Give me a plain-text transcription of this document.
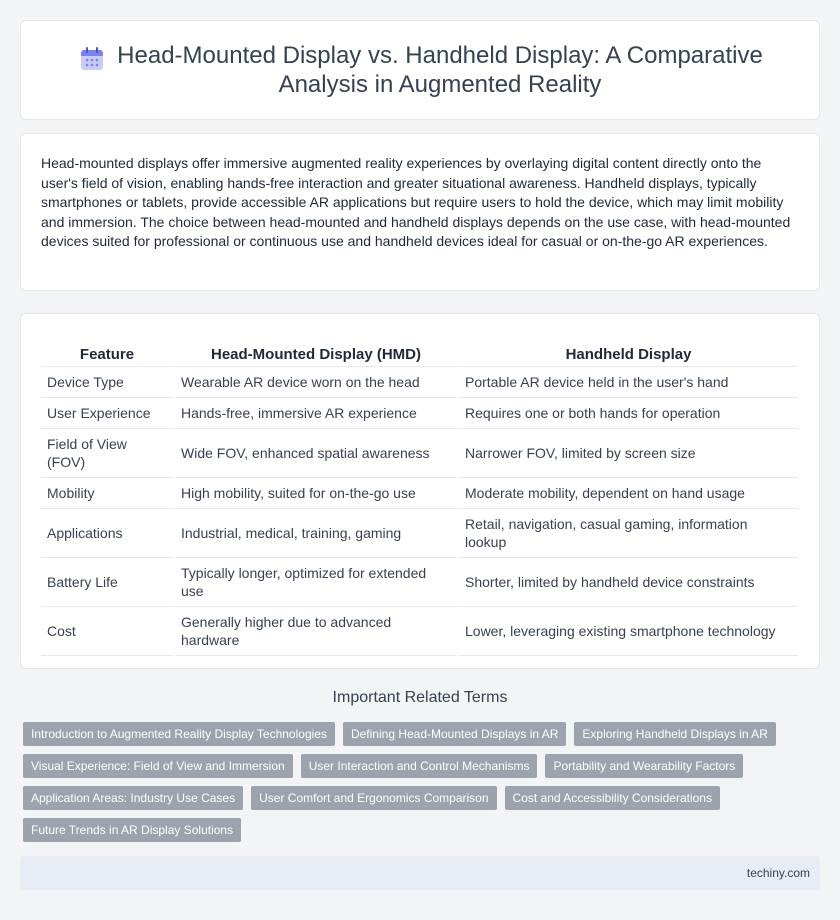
Head-Mounted Display vs. Handheld Display: A Comparative Analysis in Augmented Reality

Head-mounted displays offer immersive augmented reality experiences by overlaying digital content directly onto the user's field of vision, enabling hands-free interaction and greater situational awareness. Handheld displays, typically smartphones or tablets, provide accessible AR applications but require users to hold the device, which may limit mobility and immersion. The choice between head-mounted and handheld displays depends on the use case, with head-mounted devices suited for professional or continuous use and handheld devices ideal for casual or on-the-go AR experiences.

Feature	Head-Mounted Display (HMD)	Handheld Display
Device Type	Wearable AR device worn on the head	Portable AR device held in the user's hand
User Experience	Hands-free, immersive AR experience	Requires one or both hands for operation
Field of View (FOV)	Wide FOV, enhanced spatial awareness	Narrower FOV, limited by screen size
Mobility	High mobility, suited for on-the-go use	Moderate mobility, dependent on hand usage
Applications	Industrial, medical, training, gaming	Retail, navigation, casual gaming, information lookup
Battery Life	Typically longer, optimized for extended use	Shorter, limited by handheld device constraints
Cost	Generally higher due to advanced hardware	Lower, leveraging existing smartphone technology
Important Related Terms
Introduction to Augmented Reality Display Technologies	Defining Head-Mounted Displays in AR	Exploring Handheld Displays in AR
Visual Experience: Field of View and Immersion	User Interaction and Control Mechanisms	Portability and Wearability Factors
Application Areas: Industry Use Cases	User Comfort and Ergonomics Comparison	Cost and Accessibility Considerations
Future Trends in AR Display Solutions
techiny.com
